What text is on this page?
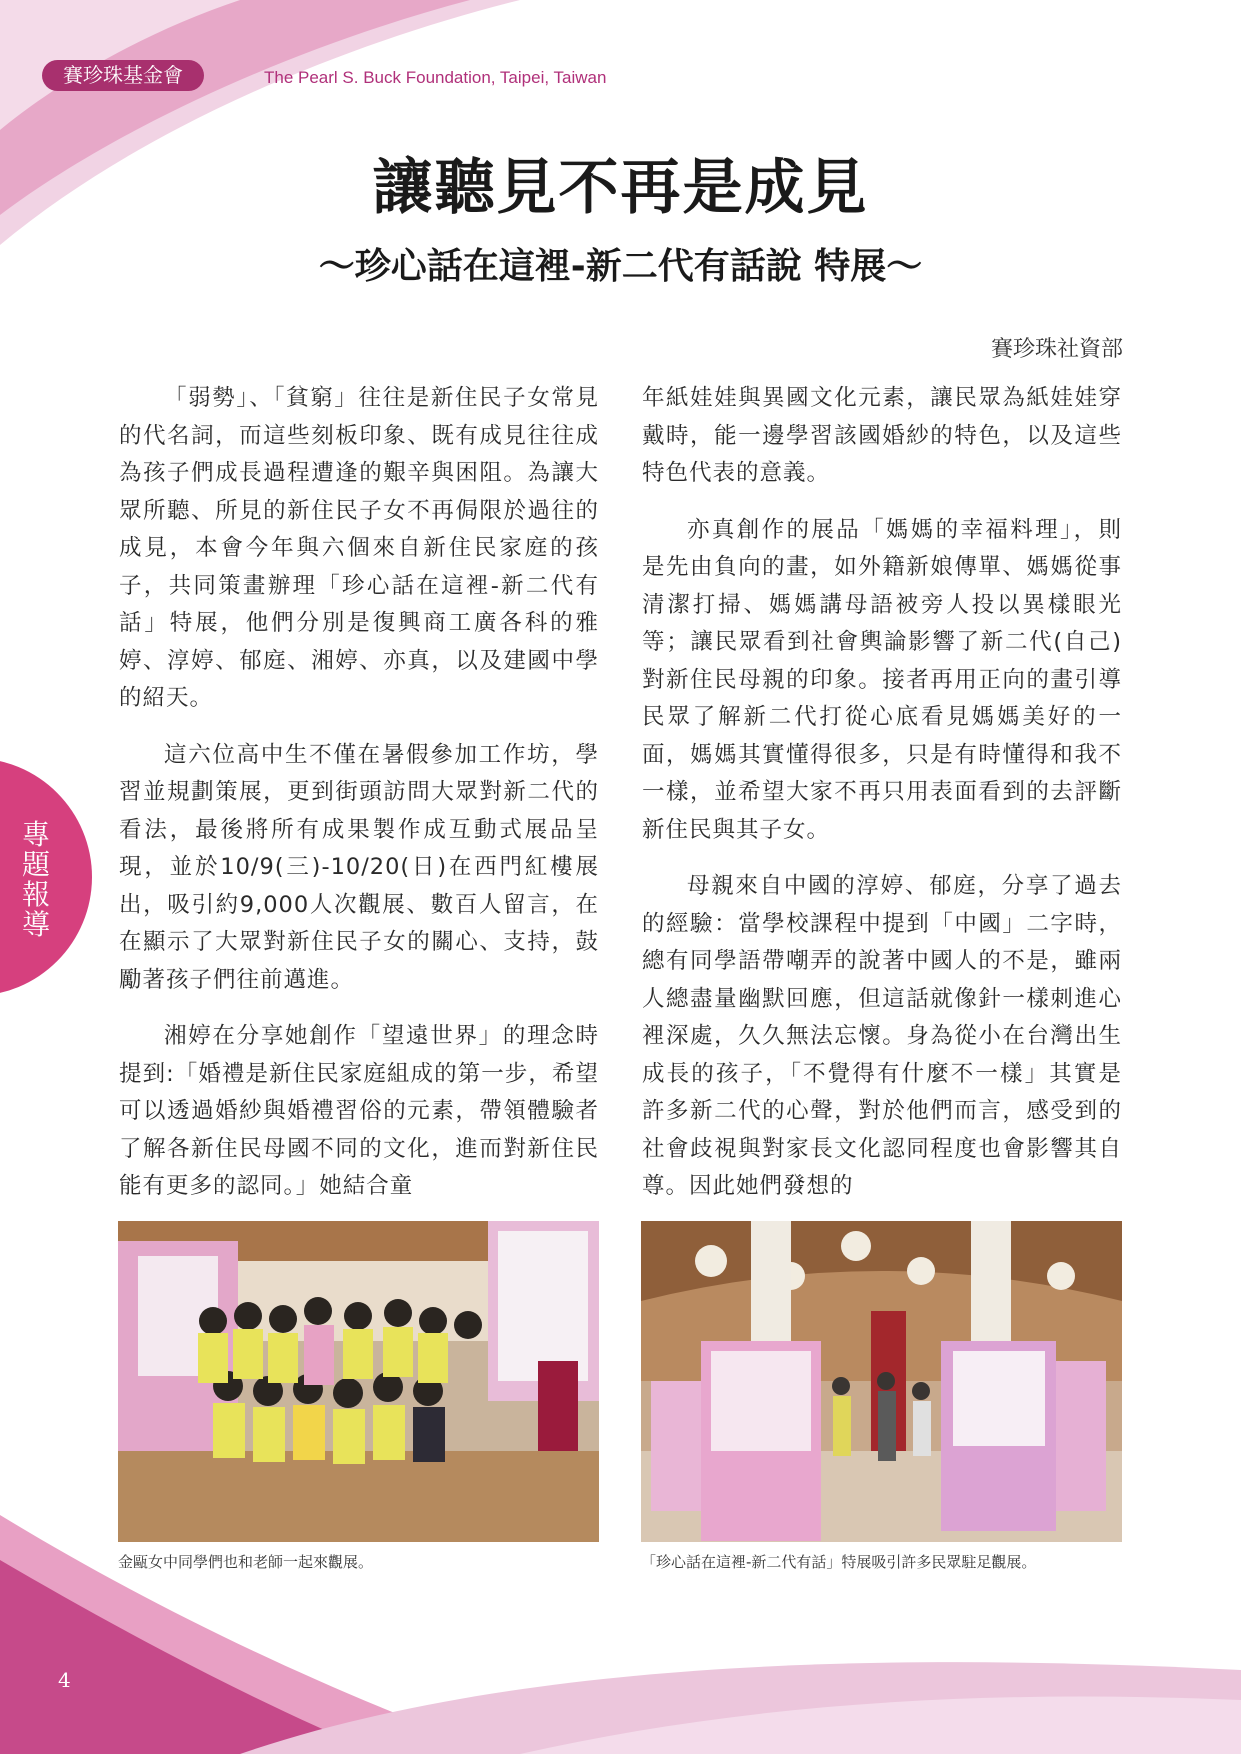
賽珍珠基金會	The Pearl S. Buck Foundation, Taipei, Taiwan
讓聽見不再是成見
～珍心話在這裡-新二代有話說 特展～
賽珍珠社資部

「弱勢」、「貧窮」往往是新住民子女常見的代名詞，而這些刻板印象、既有成見往往成為孩子們成長過程遭逢的艱辛與困阻。為讓大眾所聽、所見的新住民子女不再侷限於過往的成見，本會今年與六個來自新住民家庭的孩子，共同策畫辦理「珍心話在這裡-新二代有話」特展，他們分別是復興商工廣各科的雅婷、淳婷、郁庭、湘婷、亦真，以及建國中學的紹天。

這六位高中生不僅在暑假參加工作坊，學習並規劃策展，更到街頭訪問大眾對新二代的看法，最後將所有成果製作成互動式展品呈現，並於10/9(三)-10/20(日)在西門紅樓展出，吸引約9,000人次觀展、數百人留言，在在顯示了大眾對新住民子女的關心、支持，鼓勵著孩子們往前邁進。

湘婷在分享她創作「望遠世界」的理念時提到:「婚禮是新住民家庭組成的第一步，希望可以透過婚紗與婚禮習俗的元素，帶領體驗者了解各新住民母國不同的文化，進而對新住民能有更多的認同。」她結合童

年紙娃娃與異國文化元素，讓民眾為紙娃娃穿戴時，能一邊學習該國婚紗的特色，以及這些特色代表的意義。

亦真創作的展品「媽媽的幸福料理」，則是先由負向的畫，如外籍新娘傳單、媽媽從事清潔打掃、媽媽講母語被旁人投以異樣眼光等；讓民眾看到社會輿論影響了新二代(自己)對新住民母親的印象。接者再用正向的畫引導民眾了解新二代打從心底看見媽媽美好的一面，媽媽其實懂得很多，只是有時懂得和我不一樣，並希望大家不再只用表面看到的去評斷新住民與其子女。

母親來自中國的淳婷、郁庭，分享了過去的經驗：當學校課程中提到「中國」二字時，總有同學語帶嘲弄的說著中國人的不是，雖兩人總盡量幽默回應，但這話就像針一樣刺進心裡深處，久久無法忘懷。身為從小在台灣出生成長的孩子，「不覺得有什麼不一樣」其實是許多新二代的心聲，對於他們而言，感受到的社會歧視與對家長文化認同程度也會影響其自尊。因此她們發想的

金甌女中同學們也和老師一起來觀展。	「珍心話在這裡-新二代有話」特展吸引許多民眾駐足觀展。
專題報導
4
